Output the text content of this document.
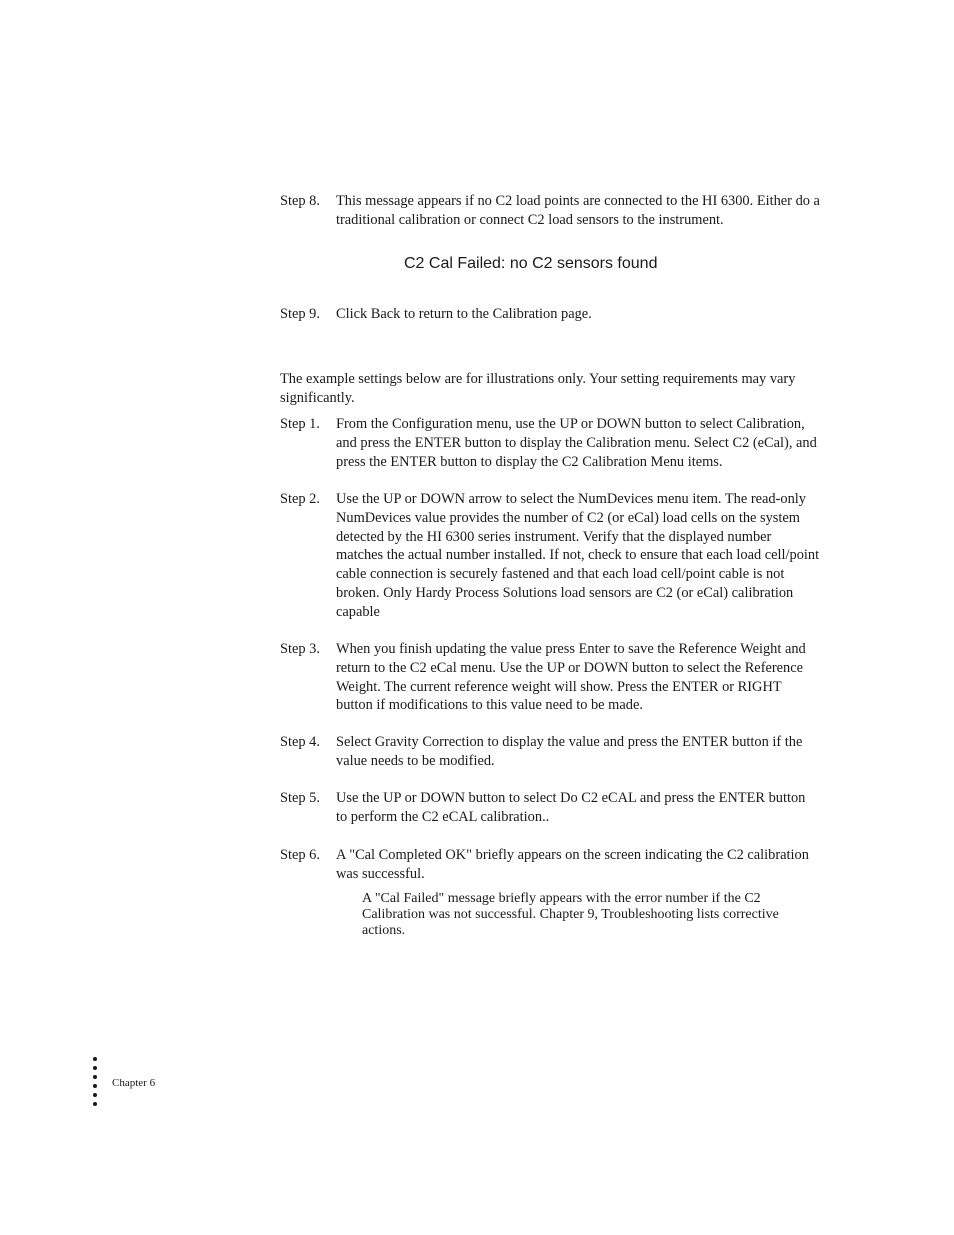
Step 8.	This message appears if no C2 load points are connected to the HI 6300. Either do a traditional calibration or connect C2 load sensors to the instrument.
C2 Cal Failed: no C2 sensors found
Step 9.	Click Back to return to the Calibration page.
The example settings below are for illustrations only. Your setting requirements may vary significantly.
Step 1.	From the Configuration menu, use the UP or DOWN button to select Calibration, and press the ENTER button to display the Calibration menu. Select C2 (eCal), and press the ENTER button to display the C2 Calibration Menu items.
Step 2.	Use the UP or DOWN arrow to select the NumDevices menu item. The read-only NumDevices value provides the number of C2 (or eCal) load cells on the system detected by the HI 6300 series instrument. Verify that the displayed number matches the actual number installed. If not, check to ensure that each load cell/point cable connection is securely fastened and that each load cell/point cable is not broken. Only Hardy Process Solutions load sensors are C2 (or eCal) calibration capable
Step 3.	When you finish updating the value press Enter to save the Reference Weight and return to the C2 eCal menu. Use the UP or DOWN button to select the Reference Weight. The current reference weight will show. Press the ENTER or RIGHT button if modifications to this value need to be made.
Step 4.	Select Gravity Correction to display the value and press the ENTER button if the value needs to be modified.
Step 5.	Use the UP or DOWN button to select Do C2 eCAL and press the ENTER button to perform the C2 eCAL calibration..
Step 6.	A "Cal Completed OK" briefly appears on the screen indicating the C2 calibration was successful.
A "Cal Failed" message briefly appears with the error number if the C2 Calibration was not successful. Chapter 9, Troubleshooting lists corrective actions.
Chapter 6
